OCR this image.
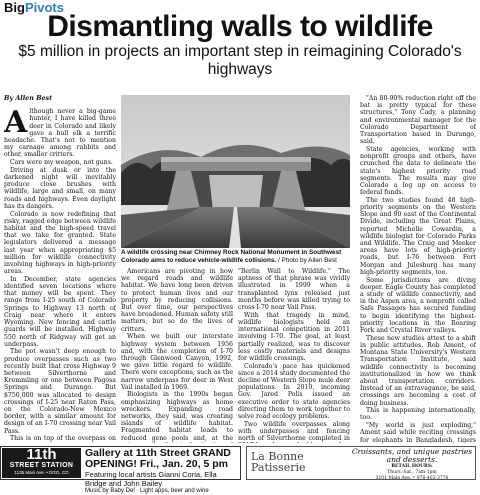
BigPivots
Dismantling walls to wildlife
$5 million in projects an important step in reimagining Colorado's highways
By Allen Best

Although never a big-game hunter, I have killed three deer in Colorado and likely gave a bull elk a terrific headache. That's not to mention my carnage among rabbits and other, smaller critters.

Cars were my weapon, not guns.

Driving at dusk or into the darkened night will inevitably produce close brushes with wildlife, large and small, on many roads and highways. Even daylight has its dangers.

Colorado is now redefining that risky, ragged edge between wildlife habitat and the high-speed travel that we take for granted. State legislators delivered a message last year when appropriating $5 million for wildlife connectivity involving highways in high-priority areas.

In December, state agencies identified seven locations where that money will be spent. They range from I-25 south of Colorado Springs to Highway 13 north of Craig near where it enters Wyoming. New fencing and cattle guards will be installed. Highway 550 north of Ridgway will get an underpass.

The pot wasn't deep enough to produce overpasses such as two recently built that cross Highway 9 between Silverthorne and Kremmling or one between Pagosa Springs and Durango. But $750,000 was allocated to design crossings of I-25 near Raton Pass, on the Colorado-New Mexico border, with a similar amount for design of an I-70 crossing near Vail Pass.

This is on top of the overpass on

A wildlife crossing near Chimney Rock National Monument in Southwest Colorado aims to reduce vehicle-wildlife collisions. / Photo by Allen Best

Americans are pivoting in how we regard roads and wildlife habitat. We have long been driven to protect human lives and our property by reducing collisions. But over time, our perspectives have broadened. Human safety still matters, but so do the lives of critters.

When we built our interstate highway system between 1956 and, with the completion of I-70 through Glenwood Canyon, 1992, we gave little regard to wildlife. There were exceptions, such as the narrow underpass for deer in West Vail installed in 1969.

Biologists in the 1990s began emphasizing highways as home wreckers. Expanding road networks, they said, was creating islands of wildlife habitat. Fragmented habitat leads to reduced gene pools and, at the

"Berlin Wall to Wildlife." The aptness of that phrase was vividly illustrated in 1999 when a transplanted lynx released just months before was killed trying to cross I-70 near Vail Pass.

With that tragedy in mind, wildlife biologists held an international competition in 2011 involving I-70. The goal, at least partially realized, was to discover less costly materials and designs for wildlife crossings.

Colorado's pace has quickened since a 2014 study documented the decline of Western Slope mule deer populations. In 2019, incoming Gov. Jared Polis issued an executive order to state agencies directing them to work together to solve road ecology problems.

Two wildlife overpasses along with underpasses and fencing north of Silverthorne completed in

"An 80-90% reduction right off the bat is pretty typical for these structures," Tony Cady, a planning and environmental manager for the Colorado Department of Transportation based in Durango, said.

State agencies, working with nonprofit groups and others, have crunched the data to delineate the state's highest priority road segments. The results may give Colorado a leg up on access to federal funds.

The two studies found 48 high-priority segments on the Western Slope and 90 east of the Continental Divide, including the Great Plains, reported Michelle Cowardin, a wildlife biologist for Colorado Parks and Wildlife. The Craig and Meeker areas have lots of high-priority roads, but I-76 between Fort Morgan and Julesburg has many high-priority segments, too.

Some jurisdictions are diving deeper. Eagle County has completed a study of wildlife connectivity, and in the Aspen area, a nonprofit called Safe Passages has secured funding to begin identifying the highest-priority locations in the Roaring Fork and Crystal River valleys.

These new studies attest to a shift in public attitudes. Rob Ament, of Montana State University's Western Transportation Institute, said wildlife connectivity is becoming institutionalized in how we think about transportation corridors. Instead of an extravagance, he said, crossings are becoming a cost of doing business.

This is happening internationally, too.

"My world is just exploding," Ament said while reciting crossings for elephants in Bangladesh, tigers

11th
STREET STATION
1135 Main Ave. • DGO, CO
Gallery at 11th Street GRAND OPENING! Fri., Jan. 20, 5 pm
Featuring local artists Gianni Coria, Ella Bridge and John Bailey
Music by Baby Del · Light apps, beer and wine
La Bonne Patisserie
Croissants, and unique pastries and desserts.
RETAIL HOURS:
Thurs.-Sat., 7am-1pm
3101 Main Ave. • 970-403-3776
